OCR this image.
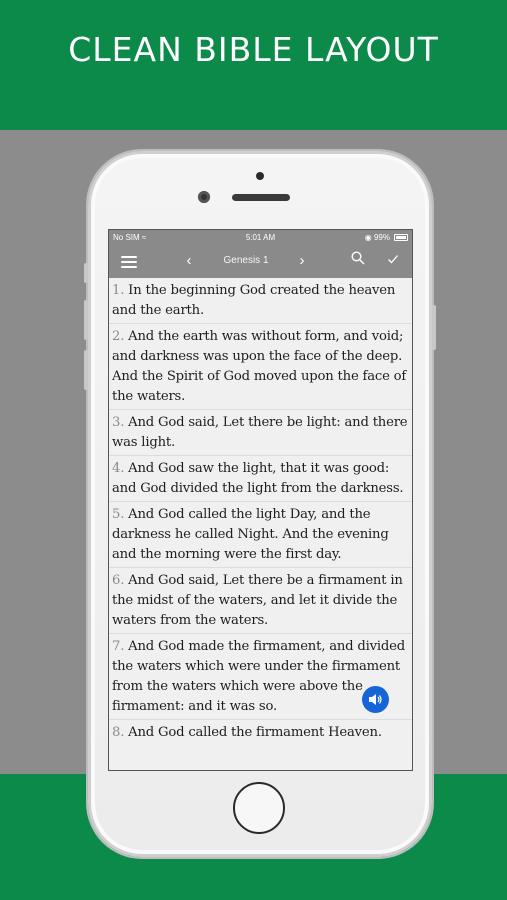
CLEAN BIBLE LAYOUT
No SIM ≈	5:01 AM	◉ 99%
‹	Genesis 1	›
1. In the beginning God created the heaven and the earth.
2. And the earth was without form, and void; and darkness was upon the face of the deep. And the Spirit of God moved upon the face of the waters.
3. And God said, Let there be light: and there was light.
4. And God saw the light, that it was good: and God divided the light from the darkness.
5. And God called the light Day, and the darkness he called Night. And the evening and the morning were the first day.
6. And God said, Let there be a firmament in the midst of the waters, and let it divide the waters from the waters.
7. And God made the firmament, and divided the waters which were under the firmament from the waters which were above the firmament: and it was so.
8. And God called the firmament Heaven.
